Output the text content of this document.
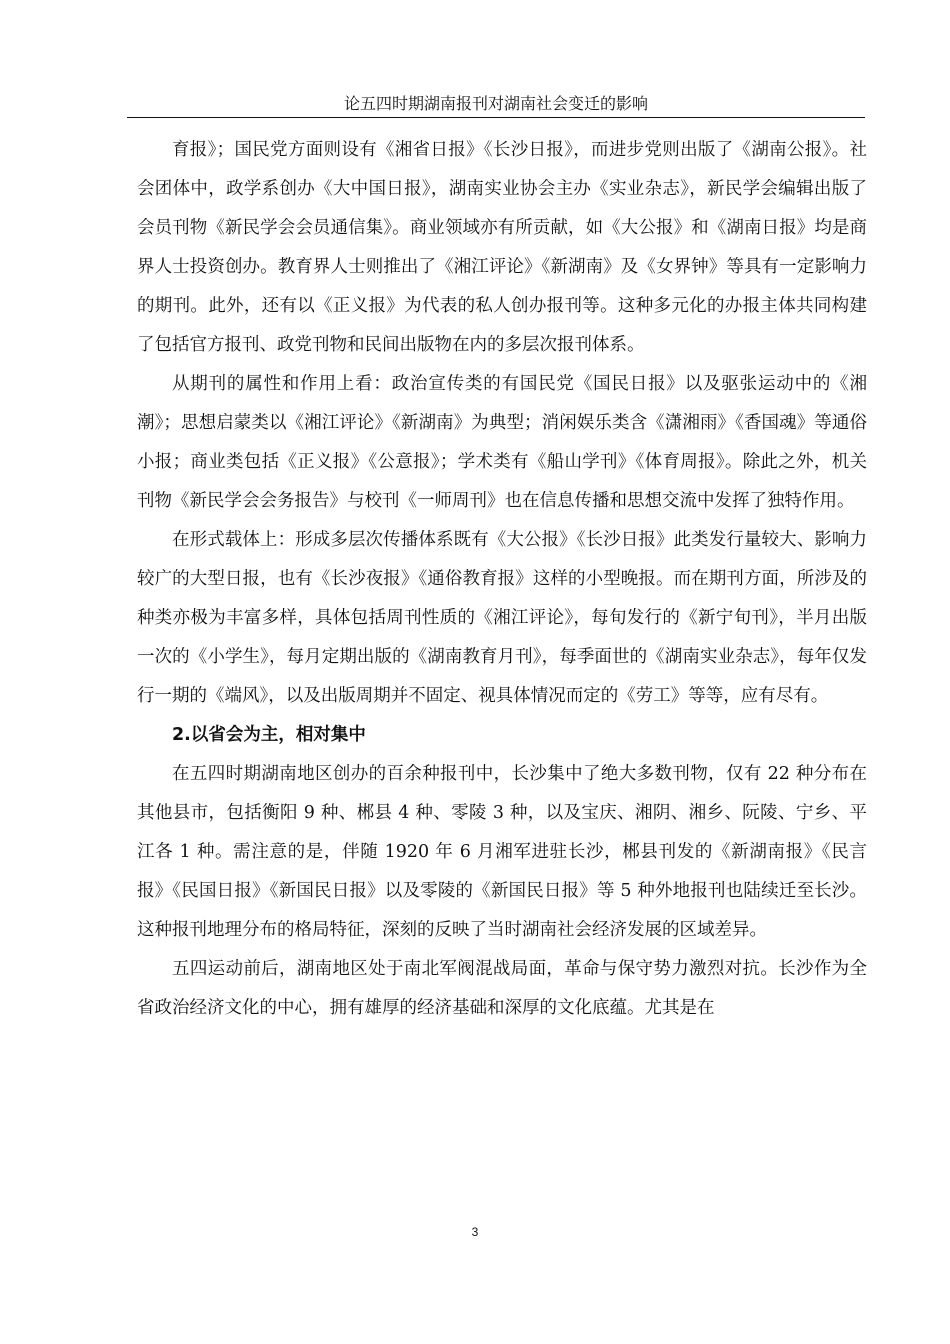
论五四时期湖南报刊对湖南社会变迁的影响

育报》；国民党方面则设有《湘省日报》《长沙日报》，而进步党则出版了《湖南公报》。社会团体中，政学系创办《大中国日报》，湖南实业协会主办《实业杂志》，新民学会编辑出版了会员刊物《新民学会会员通信集》。商业领域亦有所贡献，如《大公报》和《湖南日报》均是商界人士投资创办。教育界人士则推出了《湘江评论》《新湖南》及《女界钟》等具有一定影响力的期刊。此外，还有以《正义报》为代表的私人创办报刊等。这种多元化的办报主体共同构建了包括官方报刊、政党刊物和民间出版物在内的多层次报刊体系。

从期刊的属性和作用上看：政治宣传类的有国民党《国民日报》以及驱张运动中的《湘潮》；思想启蒙类以《湘江评论》《新湖南》为典型；消闲娱乐类含《潇湘雨》《香国魂》等通俗小报；商业类包括《正义报》《公意报》；学术类有《船山学刊》《体育周报》。除此之外，机关刊物《新民学会会务报告》与校刊《一师周刊》也在信息传播和思想交流中发挥了独特作用。

在形式载体上：形成多层次传播体系既有《大公报》《长沙日报》此类发行量较大、影响力较广的大型日报，也有《长沙夜报》《通俗教育报》这样的小型晚报。而在期刊方面，所涉及的种类亦极为丰富多样，具体包括周刊性质的《湘江评论》，每旬发行的《新宁旬刊》，半月出版一次的《小学生》，每月定期出版的《湖南教育月刊》，每季面世的《湖南实业杂志》，每年仅发行一期的《端风》，以及出版周期并不固定、视具体情况而定的《劳工》等等，应有尽有。

2.以省会为主，相对集中

在五四时期湖南地区创办的百余种报刊中，长沙集中了绝大多数刊物，仅有 22 种分布在其他县市，包括衡阳 9 种、郴县 4 种、零陵 3 种，以及宝庆、湘阴、湘乡、阮陵、宁乡、平江各 1 种。需注意的是，伴随 1920 年 6 月湘军进驻长沙，郴县刊发的《新湖南报》《民言报》《民国日报》《新国民日报》以及零陵的《新国民日报》等 5 种外地报刊也陆续迁至长沙。这种报刊地理分布的格局特征，深刻的反映了当时湖南社会经济发展的区域差异。

五四运动前后，湖南地区处于南北军阀混战局面，革命与保守势力激烈对抗。长沙作为全省政治经济文化的中心，拥有雄厚的经济基础和深厚的文化底蕴。尤其是在

3
